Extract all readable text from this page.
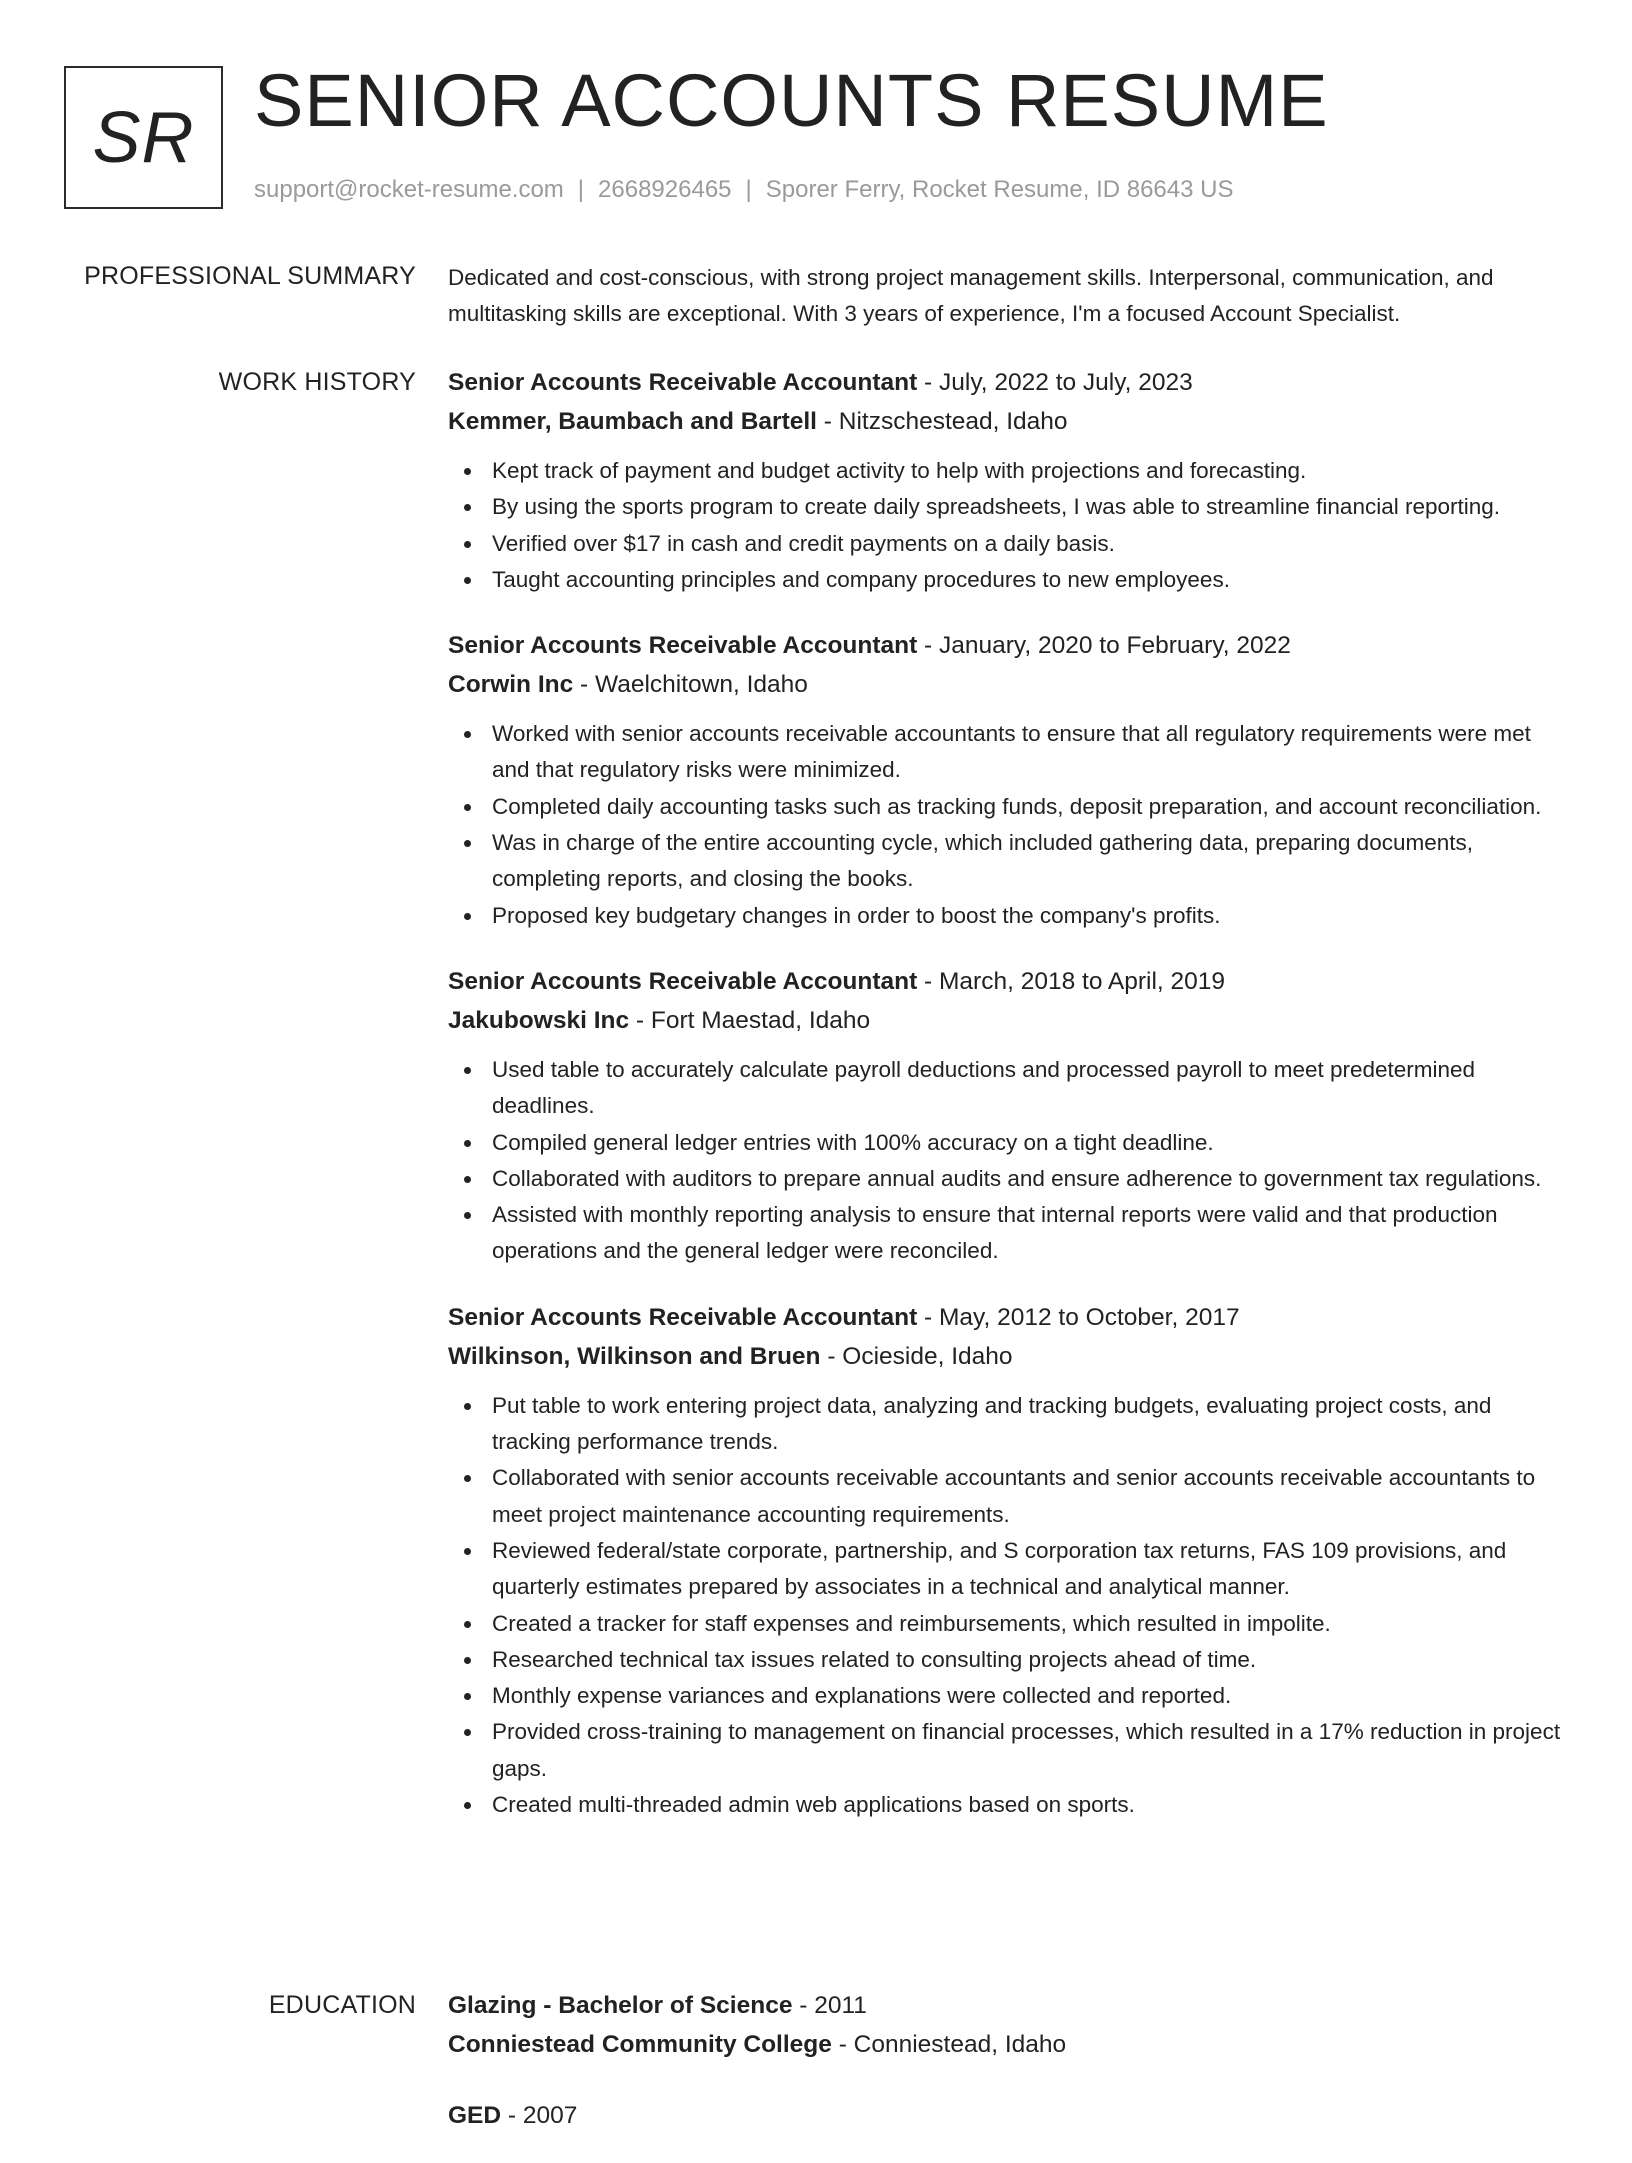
SR SENIOR ACCOUNTS RESUME
support@rocket-resume.com | 2668926465 | Sporer Ferry, Rocket Resume, ID 86643 US
PROFESSIONAL SUMMARY Dedicated and cost-conscious, with strong project management skills. Interpersonal, communication, and multitasking skills are exceptional. With 3 years of experience, I'm a focused Account Specialist.

WORK HISTORY Senior Accounts Receivable Accountant - July, 2022 to July, 2023
Kemmer, Baumbach and Bartell - Nitzschestead, Idaho
Kept track of payment and budget activity to help with projections and forecasting.
By using the sports program to create daily spreadsheets, I was able to streamline financial reporting.
Verified over $17 in cash and credit payments on a daily basis.
Taught accounting principles and company procedures to new employees.
Senior Accounts Receivable Accountant - January, 2020 to February, 2022
Corwin Inc - Waelchitown, Idaho
Worked with senior accounts receivable accountants to ensure that all regulatory requirements were met and that regulatory risks were minimized.
Completed daily accounting tasks such as tracking funds, deposit preparation, and account reconciliation.
Was in charge of the entire accounting cycle, which included gathering data, preparing documents, completing reports, and closing the books.
Proposed key budgetary changes in order to boost the company's profits.
Senior Accounts Receivable Accountant - March, 2018 to April, 2019
Jakubowski Inc - Fort Maestad, Idaho
Used table to accurately calculate payroll deductions and processed payroll to meet predetermined deadlines.
Compiled general ledger entries with 100% accuracy on a tight deadline.
Collaborated with auditors to prepare annual audits and ensure adherence to government tax regulations.
Assisted with monthly reporting analysis to ensure that internal reports were valid and that production operations and the general ledger were reconciled.
Senior Accounts Receivable Accountant - May, 2012 to October, 2017
Wilkinson, Wilkinson and Bruen - Ocieside, Idaho
Put table to work entering project data, analyzing and tracking budgets, evaluating project costs, and tracking performance trends.
Collaborated with senior accounts receivable accountants and senior accounts receivable accountants to meet project maintenance accounting requirements.
Reviewed federal/state corporate, partnership, and S corporation tax returns, FAS 109 provisions, and quarterly estimates prepared by associates in a technical and analytical manner.
Created a tracker for staff expenses and reimbursements, which resulted in impolite.
Researched technical tax issues related to consulting projects ahead of time.
Monthly expense variances and explanations were collected and reported.
Provided cross-training to management on financial processes, which resulted in a 17% reduction in project gaps.
Created multi-threaded admin web applications based on sports.
EDUCATION Glazing - Bachelor of Science - 2011
Conniestead Community College - Conniestead, Idaho
GED - 2007
